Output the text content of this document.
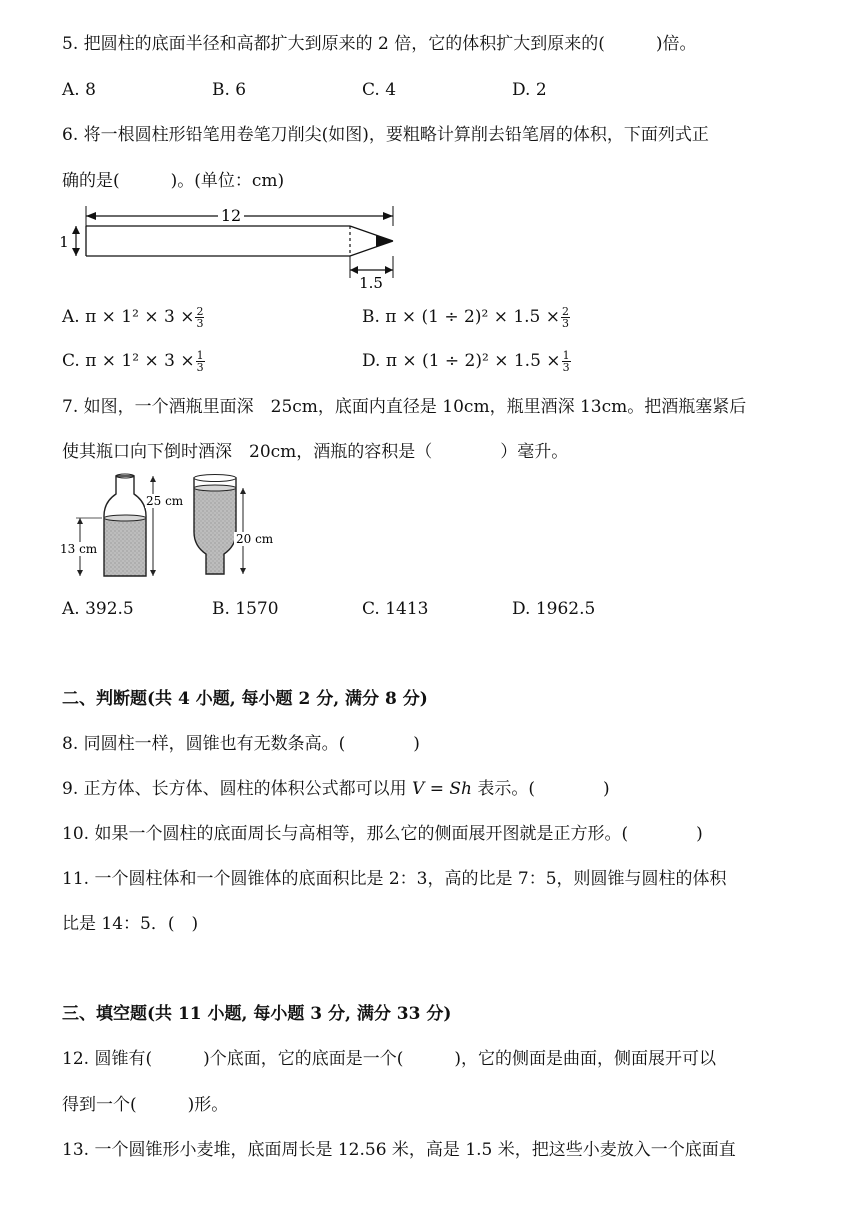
5. 把圆柱的底面半径和高都扩大到原来的 2 倍，它的体积扩大到原来的(　　　)倍。
A. 8	B. 6	C. 4	D. 2
6. 将一根圆柱形铅笔用卷笔刀削尖(如图)，要粗略计算削去铅笔屑的体积，下面列式正
确的是(　　　)。(单位：cm)
12
1
1.5
A. $\pi \times 1^2 \times 3 \times \frac{2}{3}$	B. $\pi \times (1 \div 2)^2 \times 1.5 \times \frac{2}{3}$
C. $\pi \times 1^2 \times 3 \times \frac{1}{3}$	D. $\pi \times (1 \div 2)^2 \times 1.5 \times \frac{1}{3}$
7. 如图，一个酒瓶里面深　25cm，底面内直径是 10cm，瓶里酒深 13cm。把酒瓶塞紧后
使其瓶口向下倒时酒深　20cm，酒瓶的容积是（　　　　）毫升。
13 cm
25 cm
20 cm
A. 392.5	B. 1570	C. 1413	D. 1962.5
二、判断题(共 4 小题, 每小题 2 分, 满分 8 分)
8. 同圆柱一样，圆锥也有无数条高。(　　　　)
9. 正方体、长方体、圆柱的体积公式都可以用 V = Sh 表示。(　　　　)
10. 如果一个圆柱的底面周长与高相等，那么它的侧面展开图就是正方形。(　　　　)
11. 一个圆柱体和一个圆锥体的底面积比是 2：3，高的比是 7：5，则圆锥与圆柱的体积
比是 14：5．(　)
三、填空题(共 11 小题, 每小题 3 分, 满分 33 分)
12. 圆锥有(　　　)个底面，它的底面是一个(　　　)，它的侧面是曲面，侧面展开可以
得到一个(　　　)形。
13. 一个圆锥形小麦堆，底面周长是 12.56 米，高是 1.5 米，把这些小麦放入一个底面直
